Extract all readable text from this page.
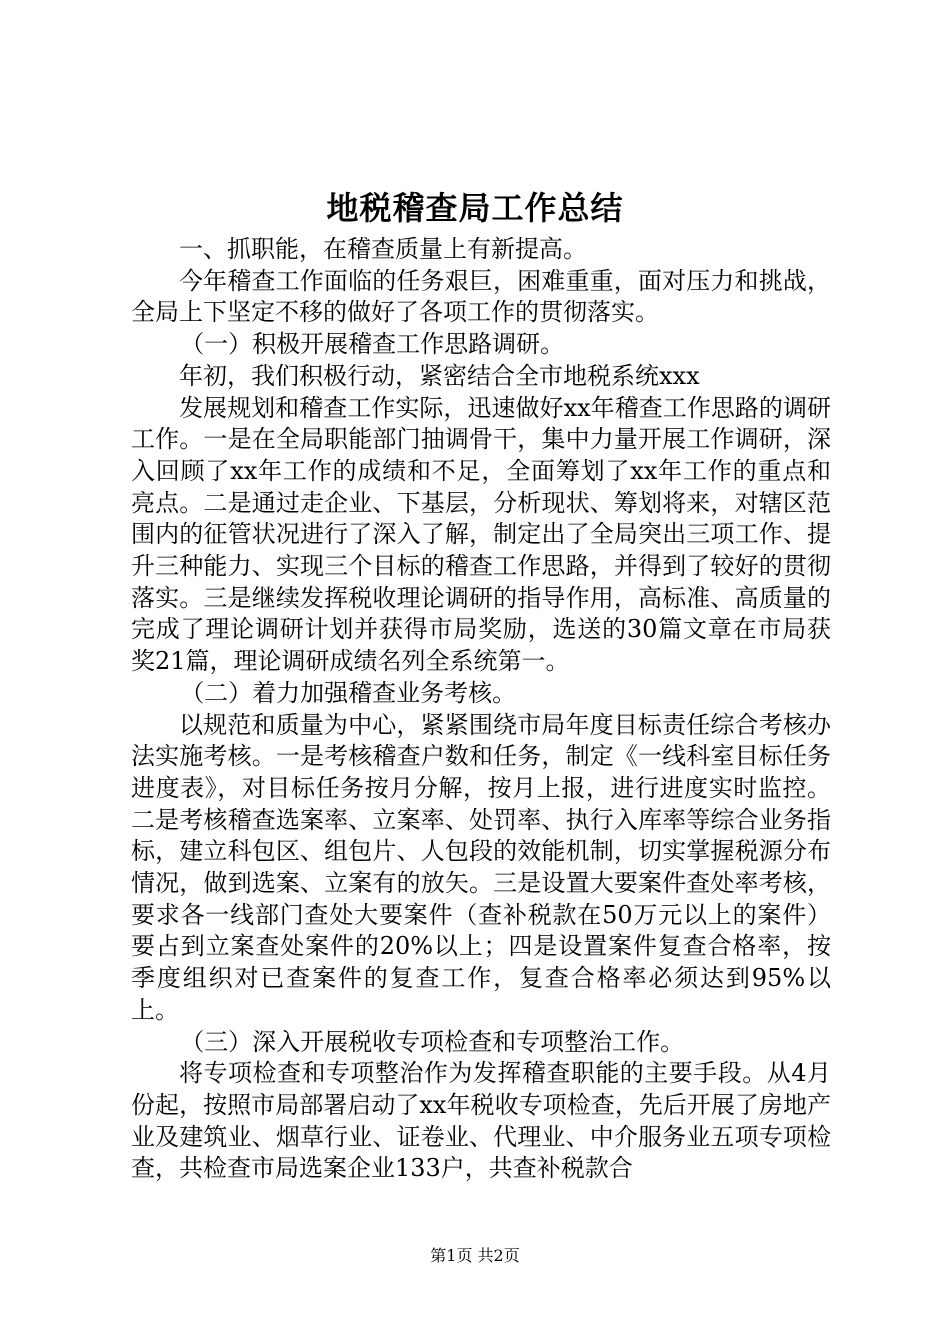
地税稽查局工作总结

一、抓职能，在稽查质量上有新提高。

今年稽查工作面临的任务艰巨，困难重重，面对压力和挑战，全局上下坚定不移的做好了各项工作的贯彻落实。

（一）积极开展稽查工作思路调研。

年初，我们积极行动，紧密结合全市地税系统xxx

发展规划和稽查工作实际，迅速做好xx年稽查工作思路的调研工作。一是在全局职能部门抽调骨干，集中力量开展工作调研，深入回顾了xx年工作的成绩和不足，全面筹划了xx年工作的重点和亮点。二是通过走企业、下基层，分析现状、筹划将来，对辖区范围内的征管状况进行了深入了解，制定出了全局突出三项工作、提升三种能力、实现三个目标的稽查工作思路，并得到了较好的贯彻落实。三是继续发挥税收理论调研的指导作用，高标准、高质量的完成了理论调研计划并获得市局奖励，选送的30篇文章在市局获奖21篇，理论调研成绩名列全系统第一。

（二）着力加强稽查业务考核。

以规范和质量为中心，紧紧围绕市局年度目标责任综合考核办法实施考核。一是考核稽查户数和任务，制定《一线科室目标任务进度表》，对目标任务按月分解，按月上报，进行进度实时监控。二是考核稽查选案率、立案率、处罚率、执行入库率等综合业务指标，建立科包区、组包片、人包段的效能机制，切实掌握税源分布情况，做到选案、立案有的放矢。三是设置大要案件查处率考核，要求各一线部门查处大要案件（查补税款在50万元以上的案件）要占到立案查处案件的20%以上；四是设置案件复查合格率，按季度组织对已查案件的复查工作，复查合格率必须达到95%以上。

（三）深入开展税收专项检查和专项整治工作。

将专项检查和专项整治作为发挥稽查职能的主要手段。从4月份起，按照市局部署启动了xx年税收专项检查，先后开展了房地产业及建筑业、烟草行业、证卷业、代理业、中介服务业五项专项检查，共检查市局选案企业133户，共查补税款合

第1页 共2页
